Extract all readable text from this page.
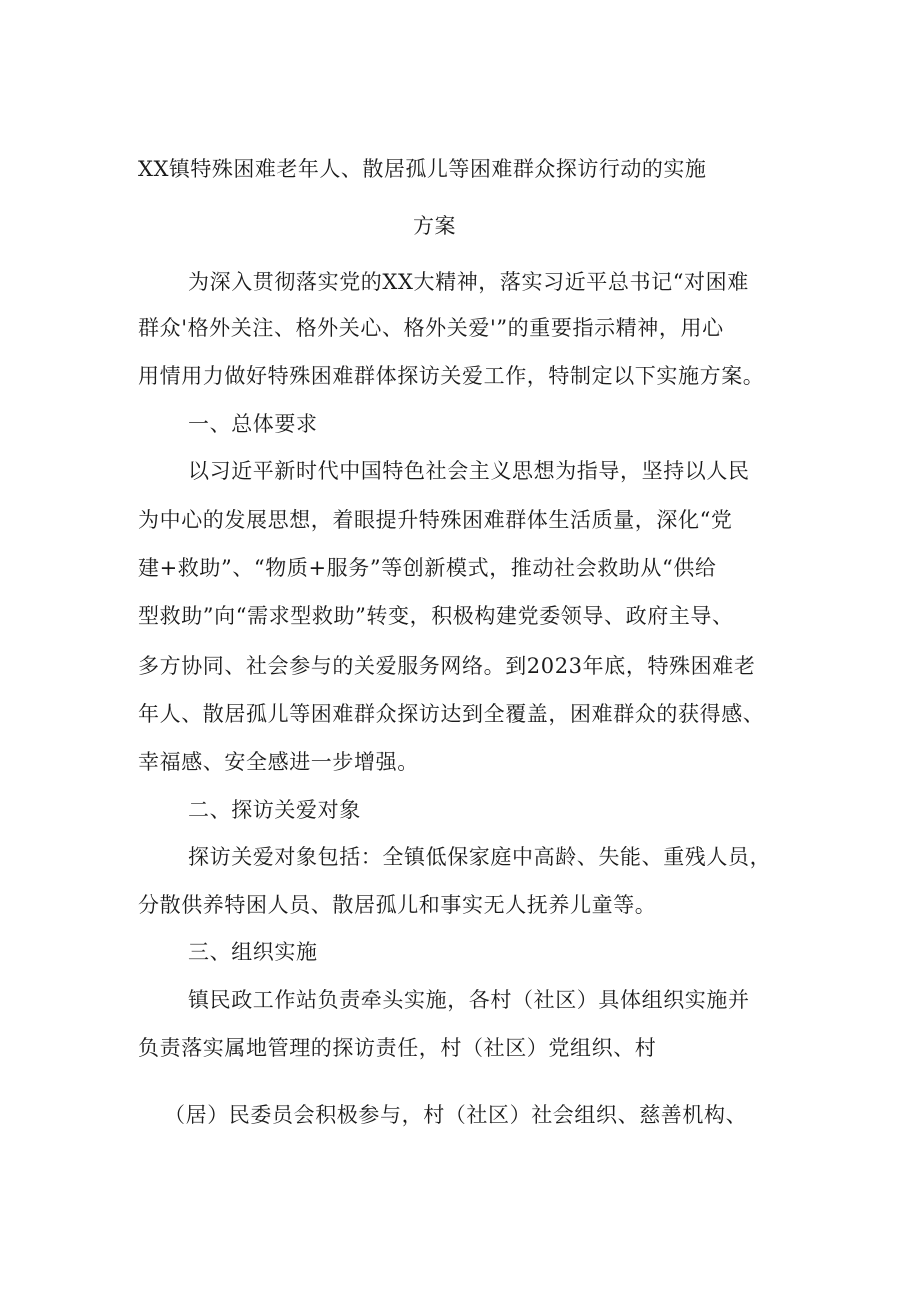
XX镇特殊困难老年人、散居孤儿等困难群众探访行动的实施
方案
为深入贯彻落实党的XX大精神，落实习近平总书记“对困难
群众'格外关注、格外关心、格外关爱'”的重要指示精神，用心
用情用力做好特殊困难群体探访关爱工作，特制定以下实施方案。
一、总体要求
以习近平新时代中国特色社会主义思想为指导，坚持以人民
为中心的发展思想，着眼提升特殊困难群体生活质量，深化“党
建+救助”、“物质+服务”等创新模式，推动社会救助从“供给
型救助”向“需求型救助”转变，积极构建党委领导、政府主导、
多方协同、社会参与的关爱服务网络。到2023年底，特殊困难老
年人、散居孤儿等困难群众探访达到全覆盖，困难群众的获得感、
幸福感、安全感进一步增强。
二、探访关爱对象
探访关爱对象包括：全镇低保家庭中高龄、失能、重残人员，
分散供养特困人员、散居孤儿和事实无人抚养儿童等。
三、组织实施
镇民政工作站负责牵头实施，各村（社区）具体组织实施并
负责落实属地管理的探访责任，村（社区）党组织、村
（居）民委员会积极参与，村（社区）社会组织、慈善机构、
